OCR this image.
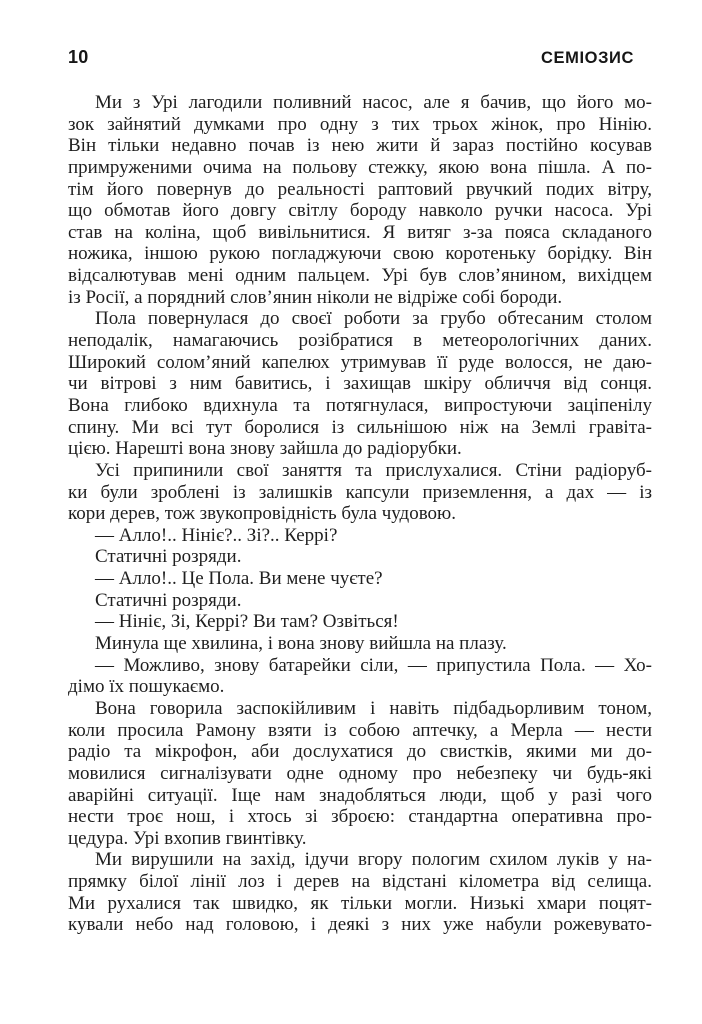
10	СЕМІОЗИС

Ми з Урі лагодили поливний насос, але я бачив, що його мо-
зок зайнятий думками про одну з тих трьох жінок, про Нінію.
Він тільки недавно почав із нею жити й зараз постійно косував
примруженими очима на польову стежку, якою вона пішла. А по-
тім його повернув до реальності раптовий рвучкий подих вітру,
що обмотав його довгу світлу бороду навколо ручки насоса. Урі
став на коліна, щоб вивільнитися. Я витяг з-за пояса складаного
ножика, іншою рукою погладжуючи свою коротеньку борідку. Він
відсалютував мені одним пальцем. Урі був слов’янином, вихідцем
із Росії, а порядний слов’янин ніколи не відріже собі бороди.

Пола повернулася до своєї роботи за грубо обтесаним столом
неподалік, намагаючись розібратися в метеорологічних даних.
Широкий солом’яний капелюх утримував її руде волосся, не даю-
чи вітрові з ним бавитись, і захищав шкіру обличчя від сонця.
Вона глибоко вдихнула та потягнулася, випростуючи заціпенілу
спину. Ми всі тут боролися із сильнішою ніж на Землі гравіта-
цією. Нарешті вона знову зайшла до радіорубки.

Усі припинили свої заняття та прислухалися. Стіни радіоруб-
ки були зроблені із залишків капсули приземлення, а дах — із
кори дерев, тож звукопровідність була чудовою.

— Алло!.. Нініє?.. Зі?.. Керрі?

Статичні розряди.

— Алло!.. Це Пола. Ви мене чуєте?

Статичні розряди.

— Нініє, Зі, Керрі? Ви там? Озвіться!

Минула ще хвилина, і вона знову вийшла на плазу.

— Можливо, знову батарейки сіли, — припустила Пола. — Хо-
дімо їх пошукаємо.

Вона говорила заспокійливим і навіть підбадьорливим тоном,
коли просила Рамону взяти із собою аптечку, а Мерла — нести
радіо та мікрофон, аби дослухатися до свистків, якими ми до-
мовилися сигналізувати одне одному про небезпеку чи будь-які
аварійні ситуації. Іще нам знадобляться люди, щоб у разі чого
нести троє нош, і хтось зі зброєю: стандартна оперативна про-
цедура. Урі вхопив гвинтівку.

Ми вирушили на захід, ідучи вгору пологим схилом луків у на-
прямку білої лінії лоз і дерев на відстані кілометра від селища.
Ми рухалися так швидко, як тільки могли. Низькі хмари поцят-
кували небо над головою, і деякі з них уже набули рожевувато-
